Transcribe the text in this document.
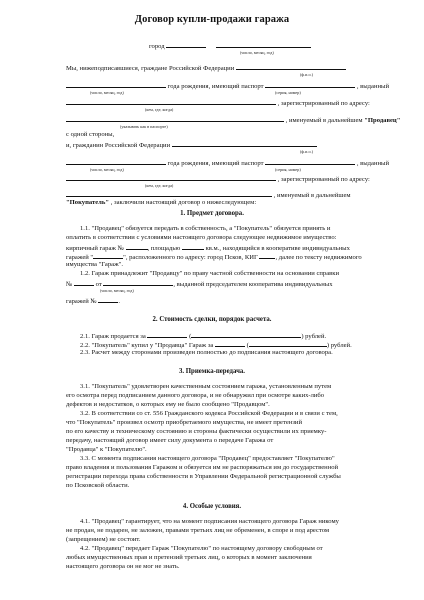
Договор купли-продажи гаража
город
(число, месяц, год)
Мы, нижеподписавшиеся, граждане Российской Федерации
(ф.и.о.)
года рождения, имеющий паспорт	, выданный
(число, месяц, год)	(серия, номер)
, зарегистрированный по адресу:
(кем, где, когда)
, именуемый в дальнейшем "Продавец"
(указывать как в паспорте)
с одной стороны,
и, гражданин Российской Федерации
(ф.и.о.)
года рождения, имеющий паспорт	, выданный
(число, месяц, год)	(серия, номер)
, зарегистрированный по адресу:
(кем, где, когда)
, именуемый в дальнейшем
"Покупатель" , заключили настоящий договор о нижеследующем:
1. Предмет договора.
1.1. "Продавец" обязуется передать в собственность, а "Покупатель" обязуется принять и
оплатить в соответствии с условиями настоящего договора следующее недвижимое имущество:
кирпичный гараж №	, площадью	кв.м., находящийся в кооперативе индивидуальных
гаражей "	", расположенного по адресу: город Псков, КИГ	, далее по тексту недвижимого
имущества "Гараж".
1.2. Гараж принадлежит "Продавцу" по праву частной собственности на основании справки
№	от	, выданной председателем кооператива индивидуальных
(число, месяц, год)
гаражей №	.
2. Стоимость сделки, порядок расчета.
2.1. Гараж продается за	(	) рублей.
2.2. "Покупатель" купил у "Продавца" Гараж за	(	) рублей.
2.3. Расчет между сторонами произведен полностью до подписания настоящего договора.
3. Приемка-передача.
3.1. "Покупатель" удовлетворен качественным состоянием гаража, установленным путем
его осмотра перед подписанием данного договора, и не обнаружил при осмотре каких-либо
дефектов и недостатков, о которых ему не было сообщено "Продавцом".
3.2. В соответствии со ст. 556 Гражданского кодекса Российской Федерации и в связи с тем,
что "Покупатель" произвел осмотр приобретаемого имущества, не имеет претензий
по его качеству и техническому состоянию и стороны фактически осуществили их приемку-
передачу, настоящий договор имеет силу документа о передаче Гаража от
"Продавца" к "Покупателю".
3.3. С момента подписания настоящего договора "Продавец" предоставляет "Покупателю"
право владения и пользования Гаражом и обязуется им не распоряжаться им до государственной
регистрации перехода права собственности в Управлении Федеральной регистрационной службы
по Псковской области.
4. Особые условия.
4.1. "Продавец" гарантирует, что на момент подписания настоящего договора Гараж никому
не продан, не подарен, не заложен, правами третьих лиц не обременен, в споре и под арестом
(запрещением) не состоит.
4.2. "Продавец" передает Гараж "Покупателю" по настоящему договору свободным от
любых имущественных прав и претензий третьих лиц, о которых в момент заключения
настоящего договора он не мог не знать.
